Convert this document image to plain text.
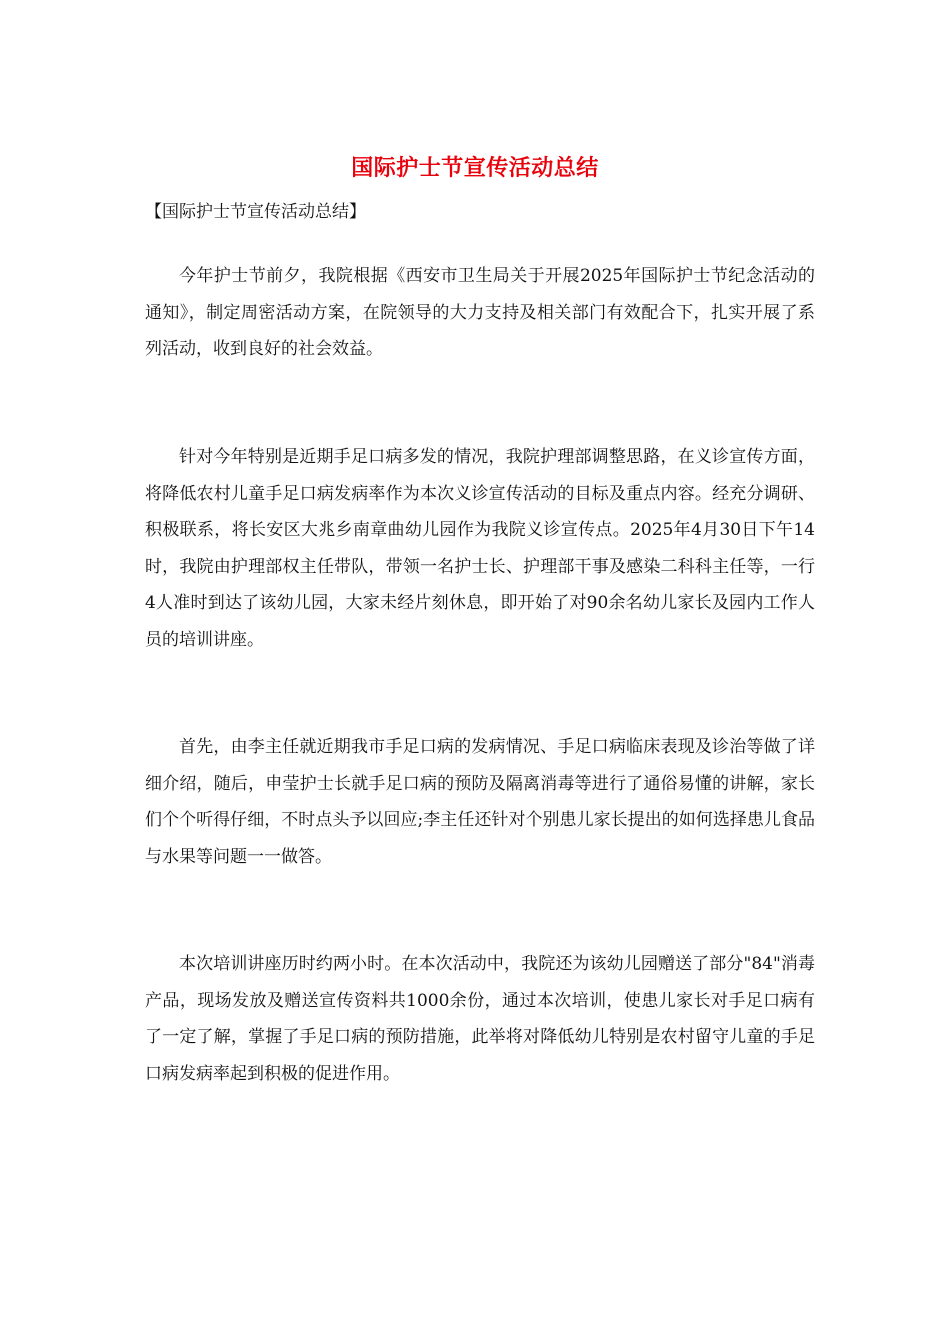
国际护士节宣传活动总结
【国际护士节宣传活动总结】

今年护士节前夕，我院根据《西安市卫生局关于开展2025年国际护士节纪念活动的通知》，制定周密活动方案，在院领导的大力支持及相关部门有效配合下，扎实开展了系列活动，收到良好的社会效益。

针对今年特别是近期手足口病多发的情况，我院护理部调整思路，在义诊宣传方面，将降低农村儿童手足口病发病率作为本次义诊宣传活动的目标及重点内容。经充分调研、积极联系，将长安区大兆乡南章曲幼儿园作为我院义诊宣传点。2025年4月30日下午14时，我院由护理部权主任带队，带领一名护士长、护理部干事及感染二科科主任等，一行4人准时到达了该幼儿园，大家未经片刻休息，即开始了对90余名幼儿家长及园内工作人员的培训讲座。

首先，由李主任就近期我市手足口病的发病情况、手足口病临床表现及诊治等做了详细介绍，随后，申莹护士长就手足口病的预防及隔离消毒等进行了通俗易懂的讲解，家长们个个听得仔细，不时点头予以回应;李主任还针对个别患儿家长提出的如何选择患儿食品与水果等问题一一做答。

本次培训讲座历时约两小时。在本次活动中，我院还为该幼儿园赠送了部分"84"消毒产品，现场发放及赠送宣传资料共1000余份，通过本次培训，使患儿家长对手足口病有了一定了解，掌握了手足口病的预防措施，此举将对降低幼儿特别是农村留守儿童的手足口病发病率起到积极的促进作用。
